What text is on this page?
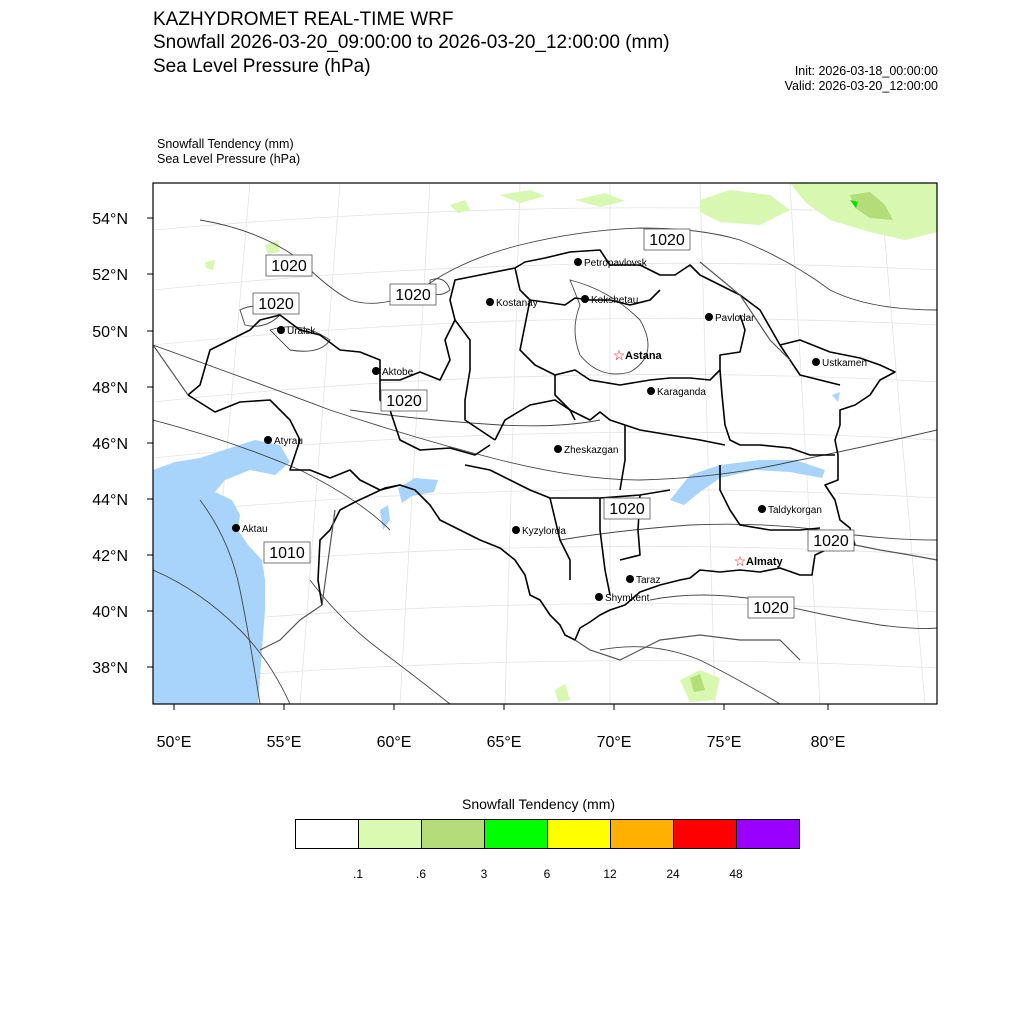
KAZHYDROMET REAL-TIME WRF
Snowfall 2026-03-20_09:00:00 to 2026-03-20_12:00:00 (mm)
Sea Level Pressure (hPa)	Init: 2026-03-18_00:00:00
Valid: 2026-03-20_12:00:00
Snowfall Tendency (mm)
Sea Level Pressure (hPa)
54°N
52°N
50°N
48°N
46°N
44°N
42°N
40°N
38°N
50°E	55°E	60°E	65°E	70°E	75°E	80°E
1020
1020
1020
1020
1020
1020
1020
1020
1010
Petropavlovsk
Kostanay	Kokshetau
Pavlodar
Uralsk
☆ Astana
Ustkamen
Aktobe
Karaganda
Atyrau
Zheskazgan
Aktau	Kyzylorda
Taldykorgan
☆ Almaty
Taraz
Shymkent
Snowfall Tendency (mm)
.1	.6	3	6	12	24	48
